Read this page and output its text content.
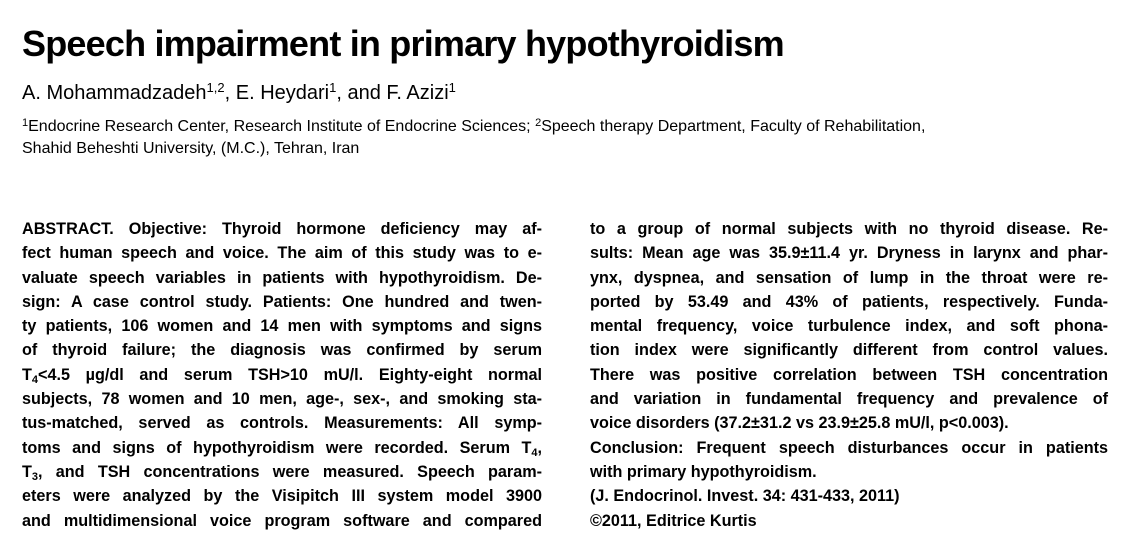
Speech impairment in primary hypothyroidism
A. Mohammadzadeh$^{1,2}$, E. Heydari$^1$, and F. Azizi$^1$
$^1$Endocrine Research Center, Research Institute of Endocrine Sciences; $^2$Speech therapy Department, Faculty of Rehabilitation,
Shahid Beheshti University, (M.C.), Tehran, Iran
ABSTRACT. Objective: Thyroid hormone deficiency may af-
fect human speech and voice. The aim of this study was to e-
valuate speech variables in patients with hypothyroidism. De-
sign: A case control study. Patients: One hundred and twen-
ty patients, 106 women and 14 men with symptoms and signs
of thyroid failure; the diagnosis was confirmed by serum
$T_4<4.5$ µg/dl and serum TSH>10 mU/l. Eighty-eight normal
subjects, 78 women and 10 men, age-, sex-, and smoking sta-
tus-matched, served as controls. Measurements: All symp-
toms and signs of hypothyroidism were recorded. Serum $T_4$,
$T_3$, and TSH concentrations were measured. Speech param-
eters were analyzed by the Visipitch III system model 3900
and multidimensional voice program software and compared
to a group of normal subjects with no thyroid disease. Re-
sults: Mean age was 35.9±11.4 yr. Dryness in larynx and phar-
ynx, dyspnea, and sensation of lump in the throat were re-
ported by 53.49 and 43% of patients, respectively. Funda-
mental frequency, voice turbulence index, and soft phona-
tion index were significantly different from control values.
There was positive correlation between TSH concentration
and variation in fundamental frequency and prevalence of
voice disorders (37.2±31.2 vs 23.9±25.8 mU/l, p<0.003).
Conclusion: Frequent speech disturbances occur in patients
with primary hypothyroidism.
(J. Endocrinol. Invest. 34: 431-433, 2011)
©2011, Editrice Kurtis
